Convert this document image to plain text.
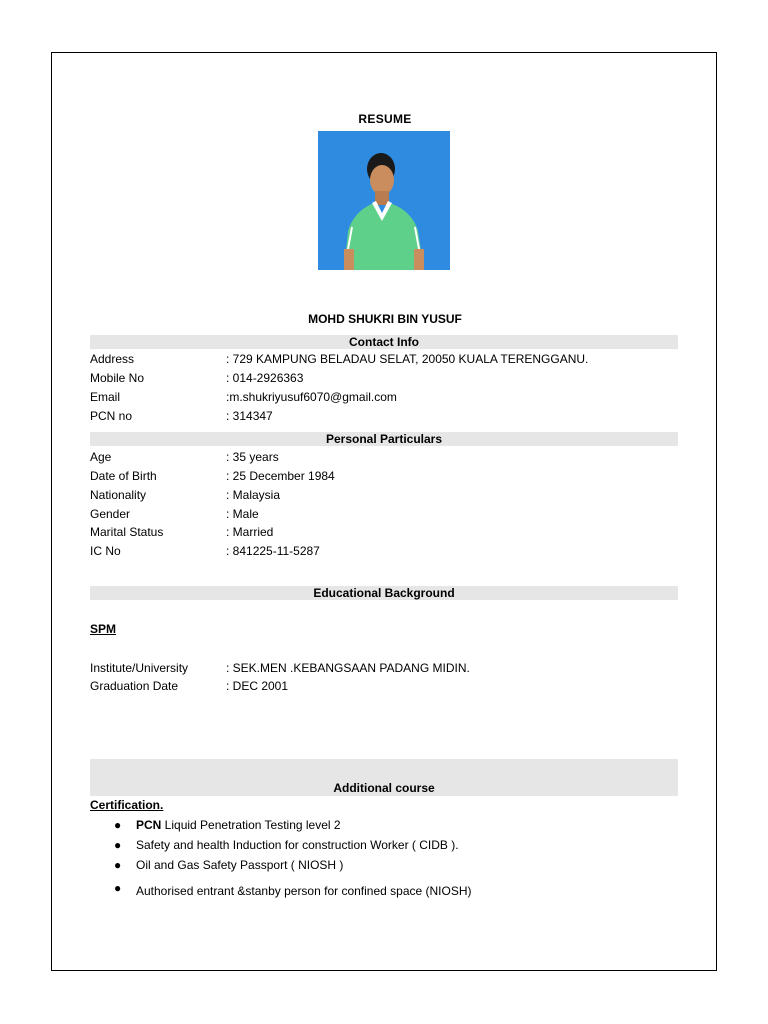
RESUME
MOHD SHUKRI BIN YUSUF
Contact Info
Address	: 729 KAMPUNG BELADAU SELAT, 20050 KUALA TERENGGANU.
Mobile No	: 014-2926363
Email	:m.shukriyusuf6070@gmail.com
PCN no	: 314347
Personal Particulars
Age	: 35 years
Date of Birth	: 25 December 1984
Nationality	: Malaysia
Gender	: Male
Marital Status	: Married
IC No	: 841225-11-5287
Educational Background
SPM
Institute/University	: SEK.MEN .KEBANGSAAN PADANG MIDIN.
Graduation Date	: DEC 2001
Additional course
Certification.
● PCN Liquid Penetration Testing level 2
● Safety and health Induction for construction Worker ( CIDB ).
● Oil and Gas Safety Passport ( NIOSH )
● Authorised entrant &stanby person for confined space (NIOSH)
